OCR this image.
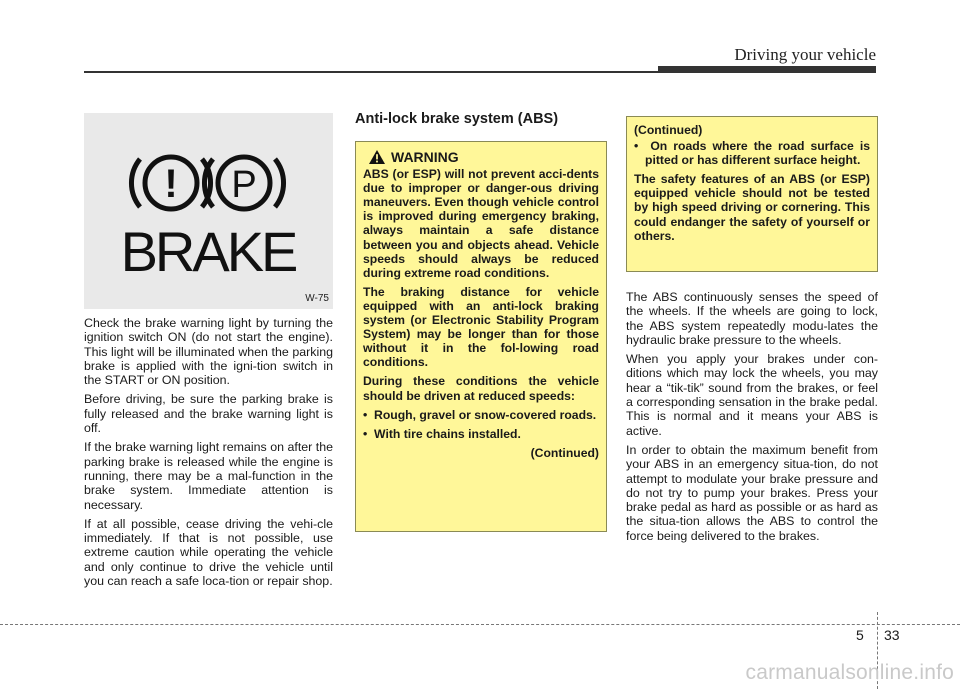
Driving your vehicle
! P
BRAKE
W-75

Check the brake warning light by turning the ignition switch ON (do not start the engine). This light will be illuminated when the parking brake is applied with the igni-tion switch in the START or ON position.

Before driving, be sure the parking brake is fully released and the brake warning light is off.

If the brake warning light remains on after the parking brake is released while the engine is running, there may be a mal-function in the brake system. Immediate attention is necessary.

If at all possible, cease driving the vehi-cle immediately. If that is not possible, use extreme caution while operating the vehicle and only continue to drive the vehicle until you can reach a safe loca-tion or repair shop.

Anti-lock brake system (ABS)
WARNING

ABS (or ESP) will not prevent acci-dents due to improper or danger-ous driving maneuvers. Even though vehicle control is improved during emergency braking, always maintain a safe distance between you and objects ahead. Vehicle speeds should always be reduced during extreme road conditions.

The braking distance for vehicle equipped with an anti-lock braking system (or Electronic Stability Program System) may be longer than for those without it in the fol-lowing road conditions.

During these conditions the vehicle should be driven at reduced speeds:

•  Rough, gravel or snow-covered roads.

•  With tire chains installed.

(Continued)

(Continued)

•  On roads where the road surface is pitted or has different surface height.

The safety features of an ABS (or ESP) equipped vehicle should not be tested by high speed driving or cornering. This could endanger the safety of yourself or others.

The ABS continuously senses the speed of the wheels. If the wheels are going to lock, the ABS system repeatedly modu-lates the hydraulic brake pressure to the wheels.

When you apply your brakes under con-ditions which may lock the wheels, you may hear a “tik-tik” sound from the brakes, or feel a corresponding sensation in the brake pedal. This is normal and it means your ABS is active.

In order to obtain the maximum benefit from your ABS in an emergency situa-tion, do not attempt to modulate your brake pressure and do not try to pump your brakes. Press your brake pedal as hard as possible or as hard as the situa-tion allows the ABS to control the force being delivered to the brakes.

5 33
carmanualsonline.info
